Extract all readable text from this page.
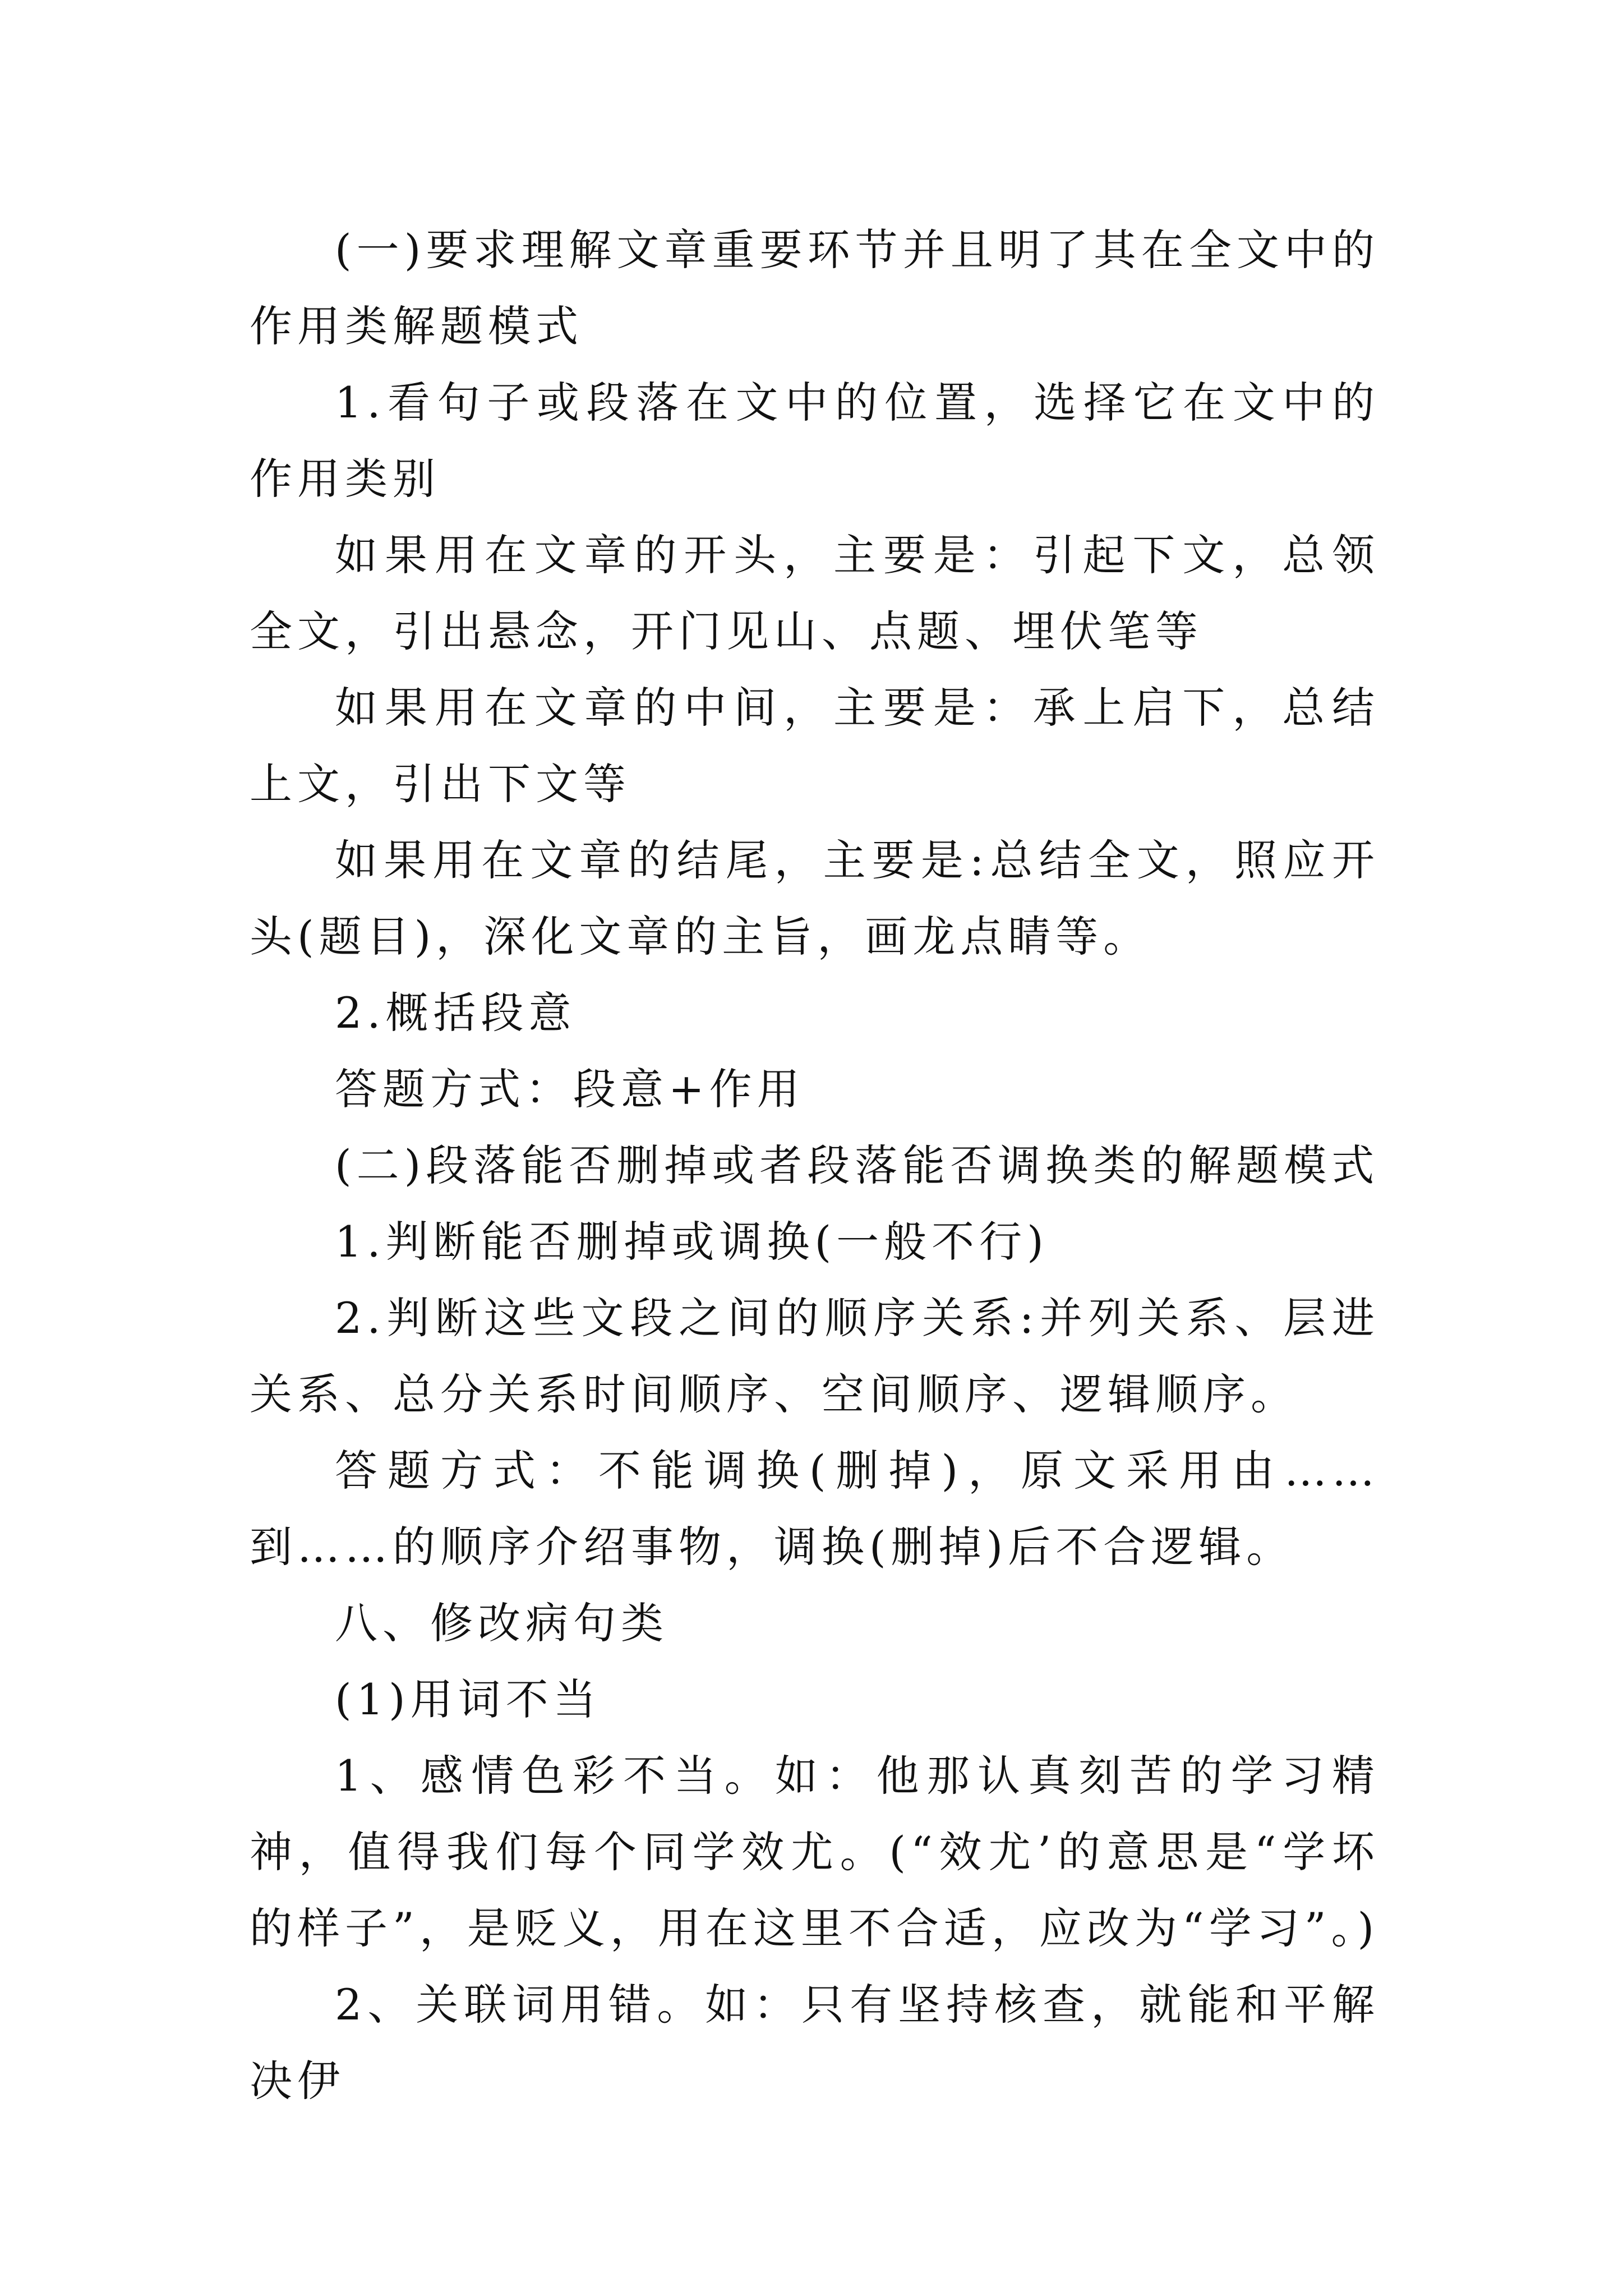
(一)要求理解文章重要环节并且明了其在全文中的作用类解题模式

1.看句子或段落在文中的位置，选择它在文中的作用类别

如果用在文章的开头，主要是：引起下文，总领全文，引出悬念，开门见山、点题、埋伏笔等

如果用在文章的中间，主要是：承上启下，总结上文，引出下文等

如果用在文章的结尾，主要是:总结全文，照应开头(题目)，深化文章的主旨，画龙点睛等。

2.概括段意

答题方式：段意+作用

(二)段落能否删掉或者段落能否调换类的解题模式

1.判断能否删掉或调换(一般不行)

2.判断这些文段之间的顺序关系:并列关系、层进关系、总分关系时间顺序、空间顺序、逻辑顺序。

答题方式：不能调换(删掉)，原文采用由……到……的顺序介绍事物，调换(删掉)后不合逻辑。

八、修改病句类

(1)用词不当

1、感情色彩不当。如：他那认真刻苦的学习精神，值得我们每个同学效尤。(“效尤’的意思是“学坏的样子”，是贬义，用在这里不合适，应改为“学习”。)

2、关联词用错。如：只有坚持核查，就能和平解决伊
